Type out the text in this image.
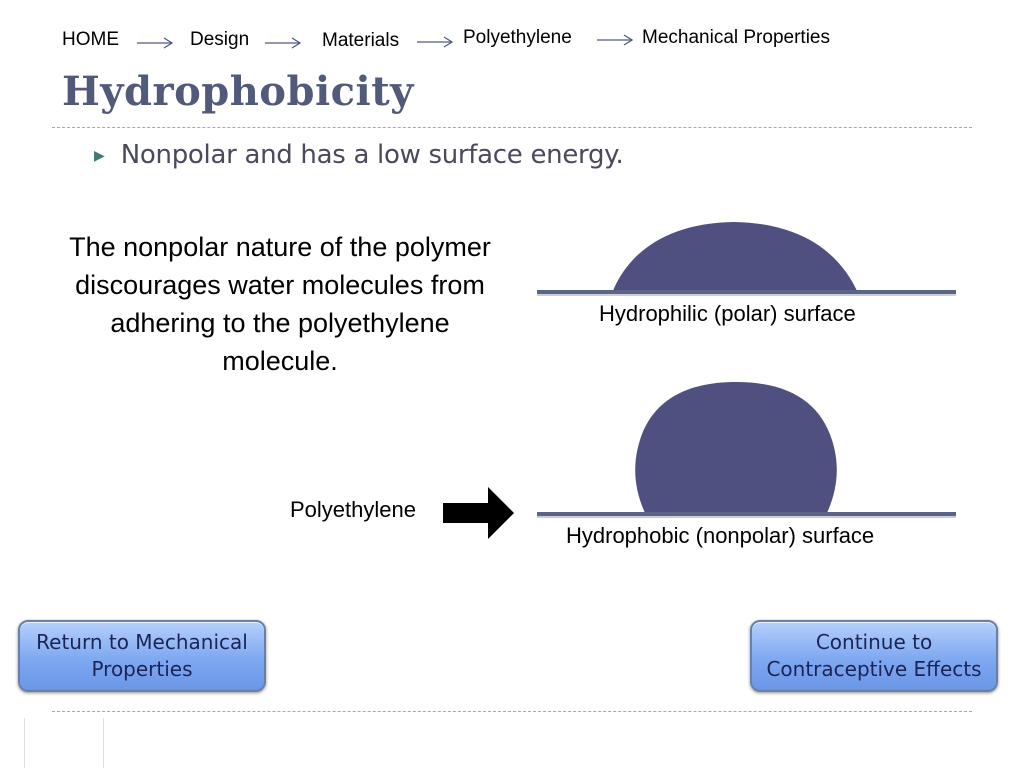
HOME	Design	Materials	Polyethylene	Mechanical Properties
Hydrophobicity
▶ Nonpolar and has a low surface energy.
The nonpolar nature of the polymer discourages water molecules from adhering to the polyethylene molecule.
Hydrophilic (polar) surface
Hydrophobic (nonpolar) surface
Polyethylene
Return to Mechanical Properties
Continue to Contraceptive Effects
